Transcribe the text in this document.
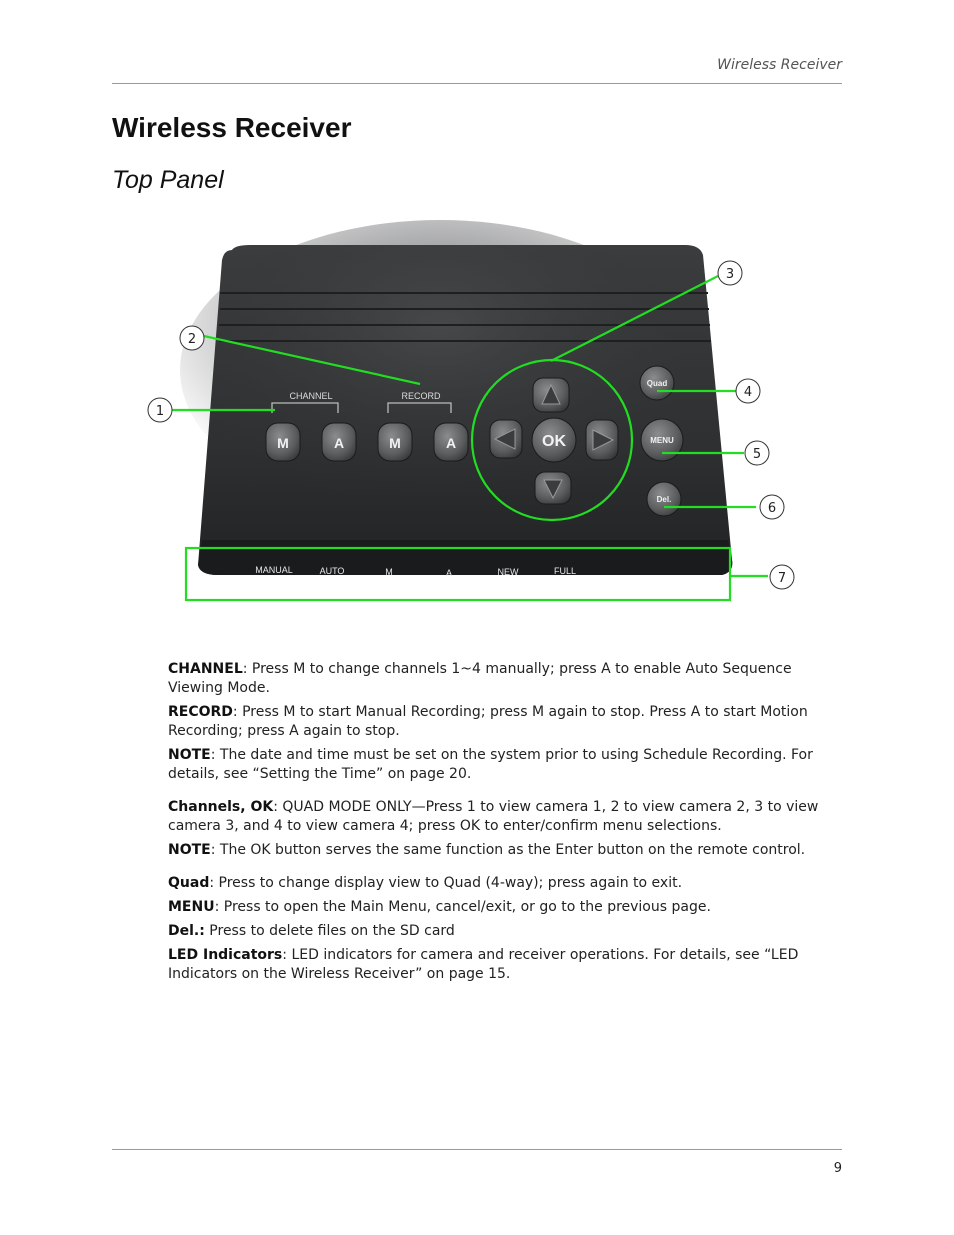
Wireless Receiver
Wireless Receiver
Top Panel
CHANNEL	RECORD
M	A	M	A	OK
Quad
MENU
Del.
MANUAL	AUTO	M	A	NEW	FULL
1
2
3
4
5
6
7

CHANNEL: Press M to change channels 1~4 manually; press A to enable Auto Sequence Viewing Mode.

RECORD: Press M to start Manual Recording; press M again to stop. Press A to start Motion Recording; press A again to stop.

NOTE: The date and time must be set on the system prior to using Schedule Recording. For details, see “Setting the Time” on page 20.

Channels, OK: QUAD MODE ONLY—Press 1 to view camera 1, 2 to view camera 2, 3 to view camera 3, and 4 to view camera 4; press OK to enter/confirm menu selections.

NOTE: The OK button serves the same function as the Enter button on the remote control.

Quad: Press to change display view to Quad (4-way); press again to exit.

MENU: Press to open the Main Menu, cancel/exit, or go to the previous page.

Del.: Press to delete files on the SD card

LED Indicators: LED indicators for camera and receiver operations. For details, see “LED Indicators on the Wireless Receiver” on page 15.

9
